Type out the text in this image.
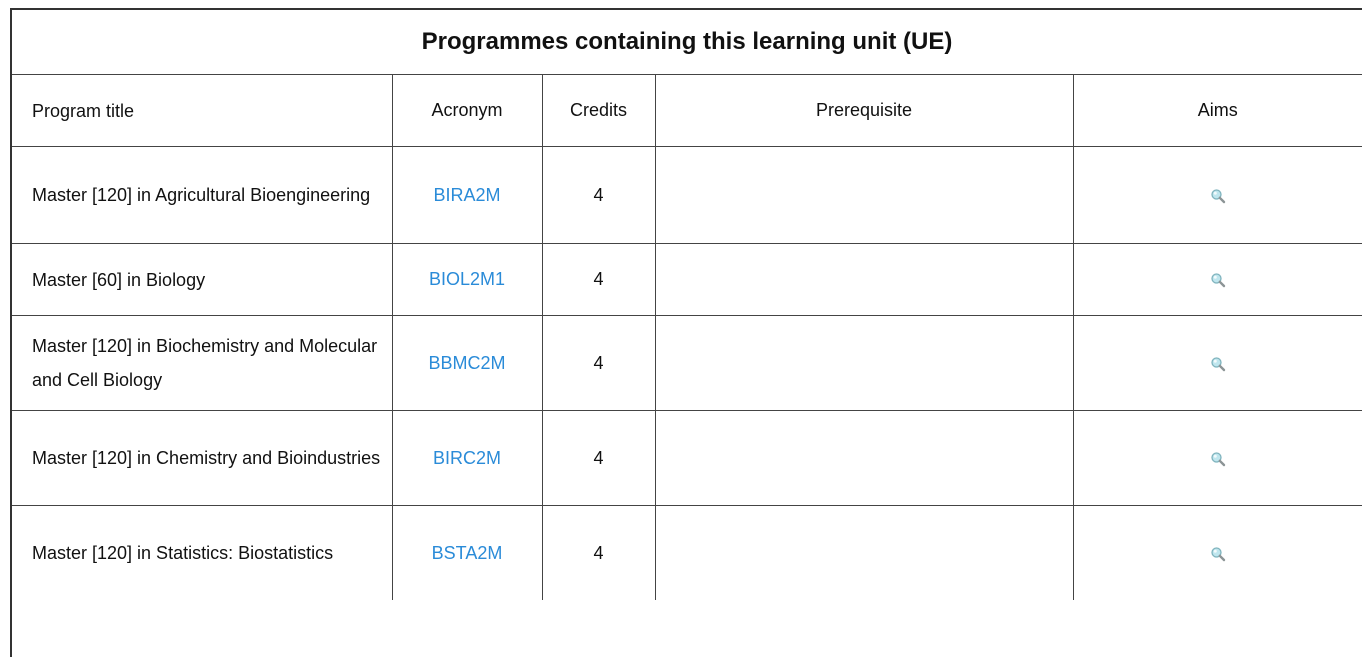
Programmes containing this learning unit (UE)				
Program title	Acronym	Credits	Prerequisite	Aims
Master [120] in Agricultural Bioengineering	BIRA2M	4		
Master [60] in Biology	BIOL2M1	4		
Master [120] in Biochemistry and Molecular and Cell Biology	BBMC2M	4		
Master [120] in Chemistry and Bioindustries	BIRC2M	4		
Master [120] in Statistics: Biostatistics	BSTA2M	4		
